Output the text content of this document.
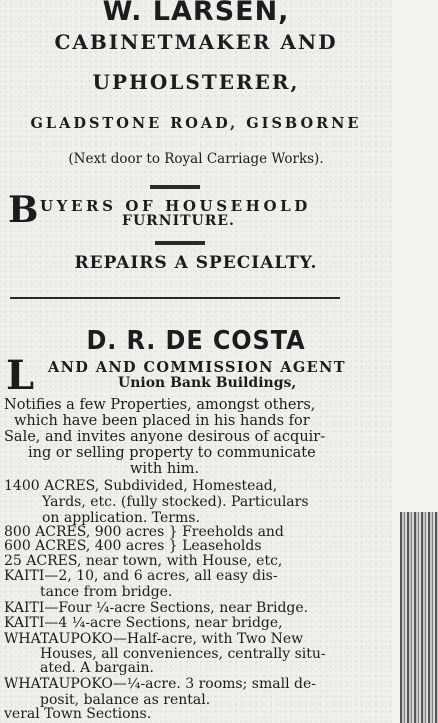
W. LARSEN,
CABINETMAKER AND
UPHOLSTERER,
GLADSTONE ROAD, GISBORNE
(Next door to Royal Carriage Works).
B UYERS OF HOUSEHOLD
FURNITURE.
REPAIRS A SPECIALTY.
D. R. DE COSTA
L AND AND COMMISSION AGENT
Union Bank Buildings,
Notifies a few Properties, amongst others,
which have been placed in his hands for
Sale, and invites anyone desirous of acquir-
ing or selling property to communicate
with him.
1400 ACRES, Subdivided, Homestead,
Yards, etc. (fully stocked). Particulars
on application. Terms.
800 ACRES, 900 acres } Freeholds and
600 ACRES, 400 acres } Leaseholds
25 ACRES, near town, with House, etc,
KAITI—2, 10, and 6 acres, all easy dis-
tance from bridge.
KAITI—Four ¼-acre Sections, near Bridge.
KAITI—4 ¼-acre Sections, near bridge,
WHATAUPOKO—Half-acre, with Two New
Houses, all conveniences, centrally situ-
ated. A bargain.
WHATAUPOKO—¼-acre. 3 rooms; small de-
posit, balance as rental.
veral Town Sections.
